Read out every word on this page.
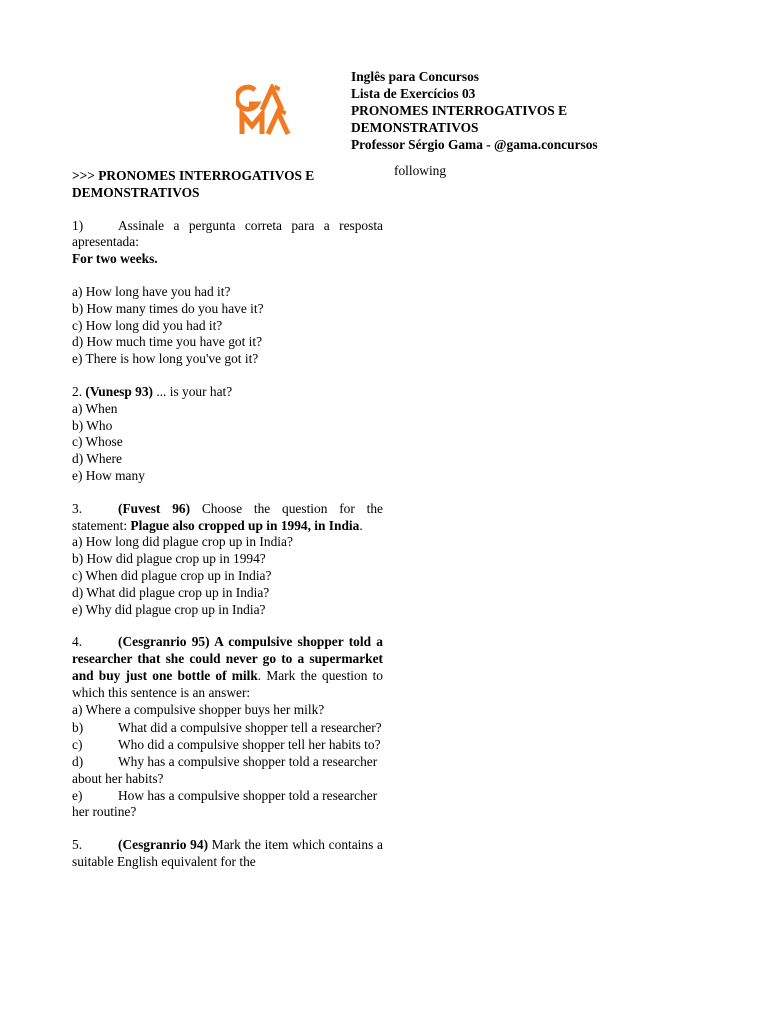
Inglês para Concursos
Lista de Exercícios 03
PRONOMES INTERROGATIVOS E
DEMONSTRATIVOS
Professor Sérgio Gama - @gama.concursos
>>> PRONOMES INTERROGATIVOS E DEMONSTRATIVOS
1)	Assinale a pergunta correta para a resposta apresentada:
For two weeks.
a) How long have you had it?
b) How many times do you have it?
c) How long did you had it?
d) How much time you have got it?
e) There is how long you've got it?
2. (Vunesp 93) ... is your hat?
a) When
b) Who
c) Whose
d) Where
e) How many
3.	(Fuvest 96) Choose the question for the statement: Plague also cropped up in 1994, in India.
a) How long did plague crop up in India?
b) How did plague crop up in 1994?
c) When did plague crop up in India?
d) What did plague crop up in India?
e) Why did plague crop up in India?
4.	(Cesgranrio 95) A compulsive shopper told a researcher that she could never go to a supermarket and buy just one bottle of milk. Mark the question to which this sentence is an answer:
a) Where a compulsive shopper buys her milk?
b)	What did a compulsive shopper tell a researcher?
c)	Who did a compulsive shopper tell her habits to?
d)	Why has a compulsive shopper told a researcher about her habits?
e)	How has a compulsive shopper told a researcher her routine?
5.	(Cesgranrio 94) Mark the item which contains a suitable English equivalent for the
following
